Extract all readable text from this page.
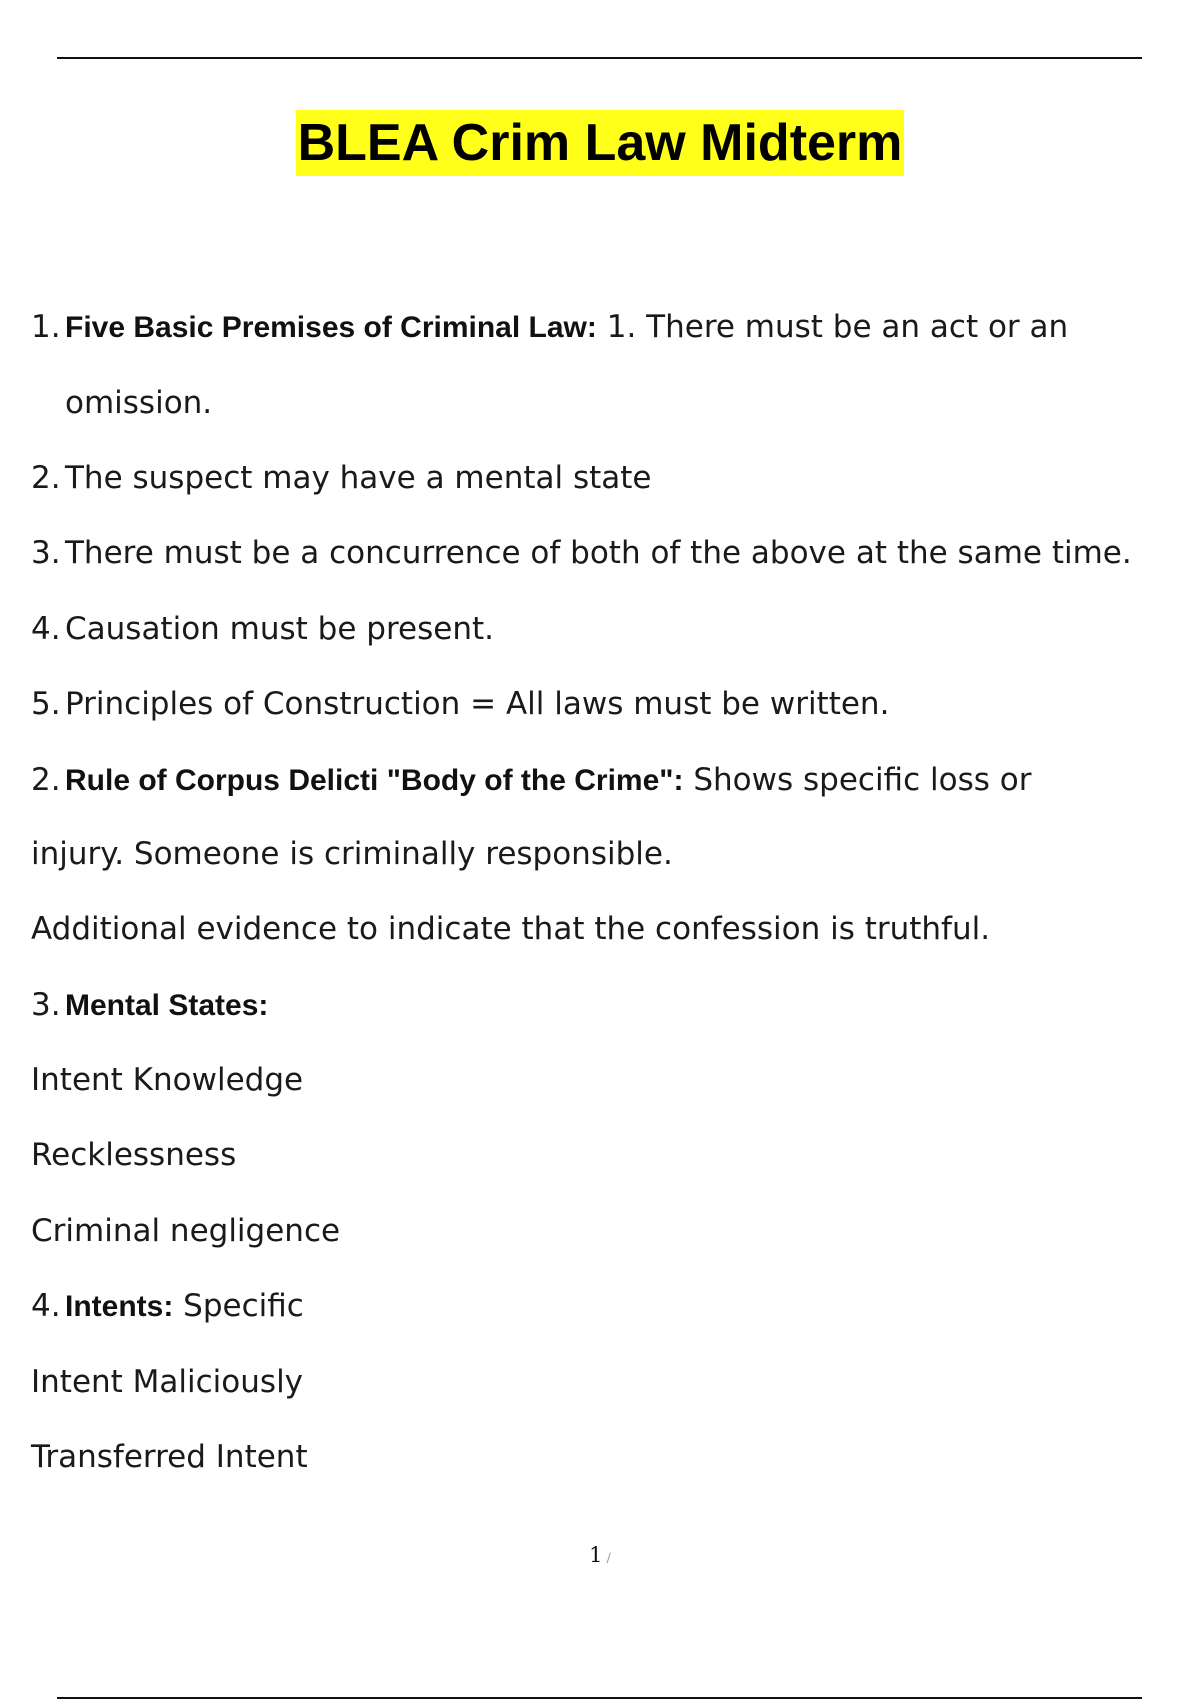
BLEA Crim Law Midterm
1. Five Basic Premises of Criminal Law: 1. There must be an act or an
omission.
2. The suspect may have a mental state
3. There must be a concurrence of both of the above at the same time.
4. Causation must be present.
5. Principles of Construction = All laws must be written.
2. Rule of Corpus Delicti "Body of the Crime": Shows specific loss or
injury. Someone is criminally responsible.
Additional evidence to indicate that the confession is truthful.
3. Mental States:
Intent Knowledge
Recklessness
Criminal negligence
4. Intents: Specific
Intent Maliciously
Transferred Intent
1 /
